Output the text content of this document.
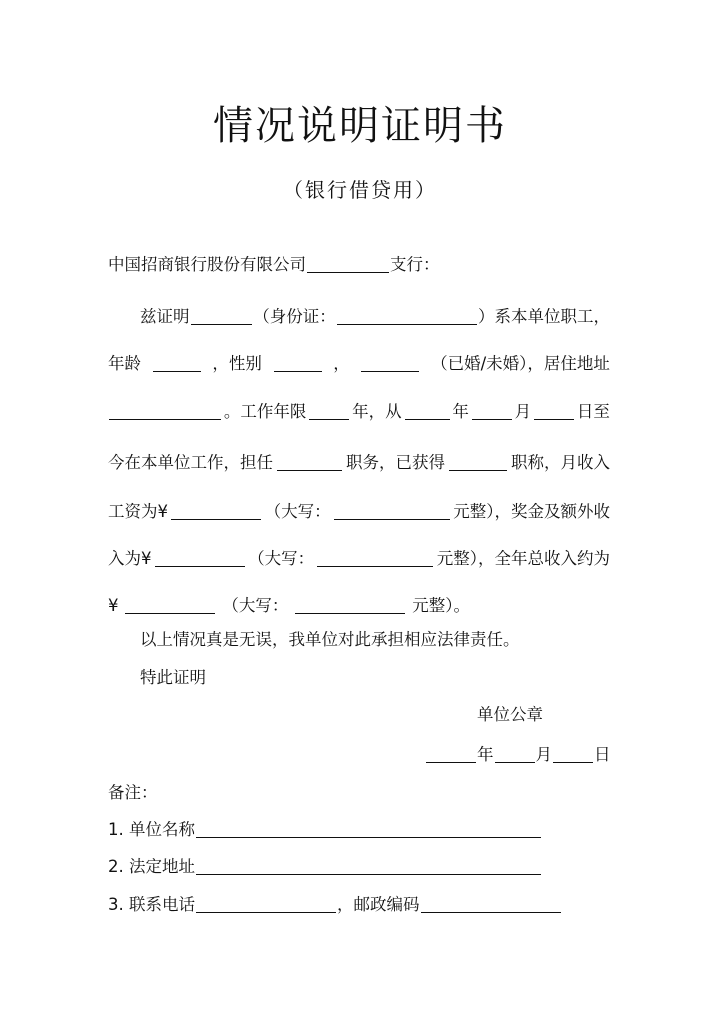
情况说明证明书
（银行借贷用）
中国招商银行股份有限公司	支行：
兹证明	（身份证：	）系本单位职工，
年龄	，性别	，	（已婚/未婚），居住地址
。工作年限	年，从	年	月	日至
今在本单位工作，担任	职务，已获得	职称，月收入
工资为¥	（大写：	元整），奖金及额外收
入为¥	（大写：	元整），全年总收入约为
¥	（大写：	元整）。
以上情况真是无误，我单位对此承担相应法律责任。
特此证明
单位公章
年	月	日
备注：
1. 单位名称
2. 法定地址
3. 联系电话	，邮政编码
